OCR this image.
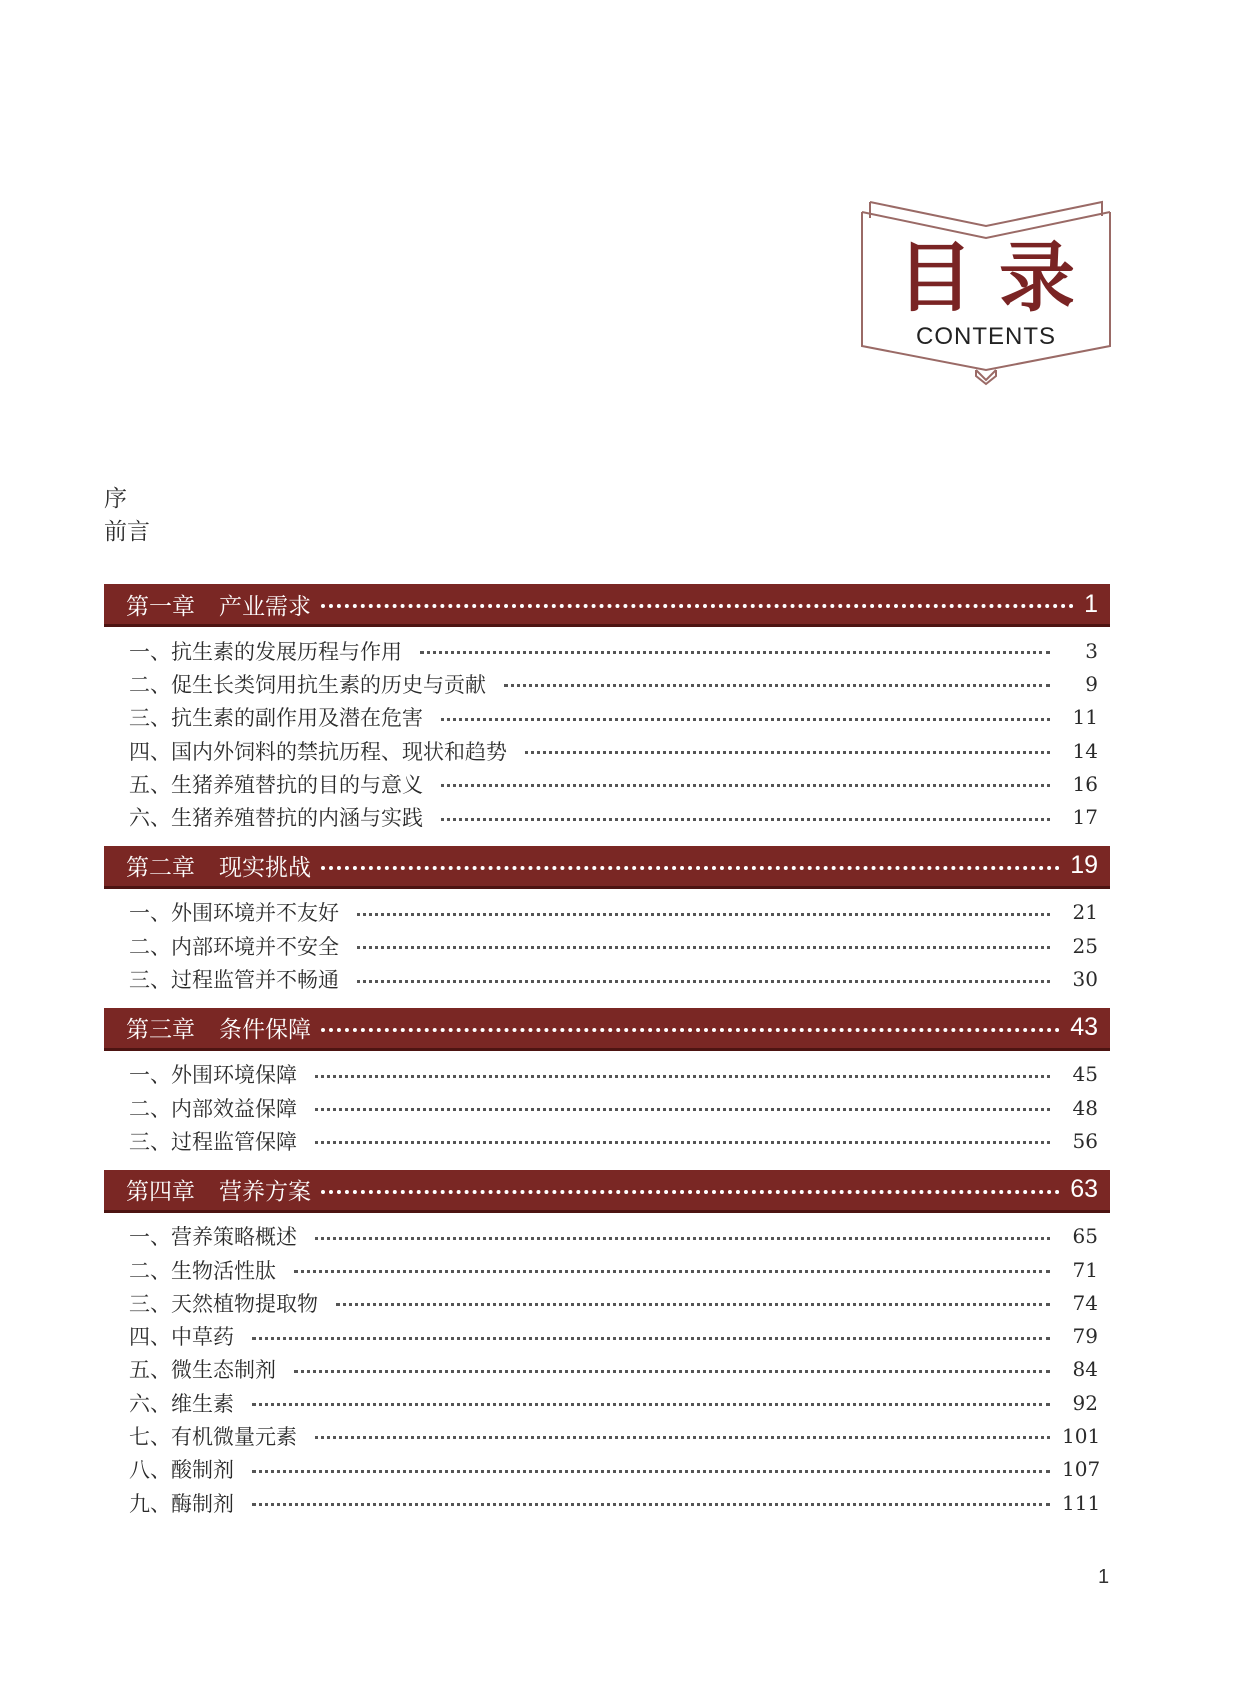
目录
CONTENTS
序
前言
第一章	产业需求	1
一、抗生素的发展历程与作用	3
二、促生长类饲用抗生素的历史与贡献	9
三、抗生素的副作用及潜在危害	11
四、国内外饲料的禁抗历程、现状和趋势	14
五、生猪养殖替抗的目的与意义	16
六、生猪养殖替抗的内涵与实践	17
第二章	现实挑战	19
一、外围环境并不友好	21
二、内部环境并不安全	25
三、过程监管并不畅通	30
第三章	条件保障	43
一、外围环境保障	45
二、内部效益保障	48
三、过程监管保障	56
第四章	营养方案	63
一、营养策略概述	65
二、生物活性肽	71
三、天然植物提取物	74
四、中草药	79
五、微生态制剂	84
六、维生素	92
七、有机微量元素	101
八、酸制剂	107
九、酶制剂	111
1
